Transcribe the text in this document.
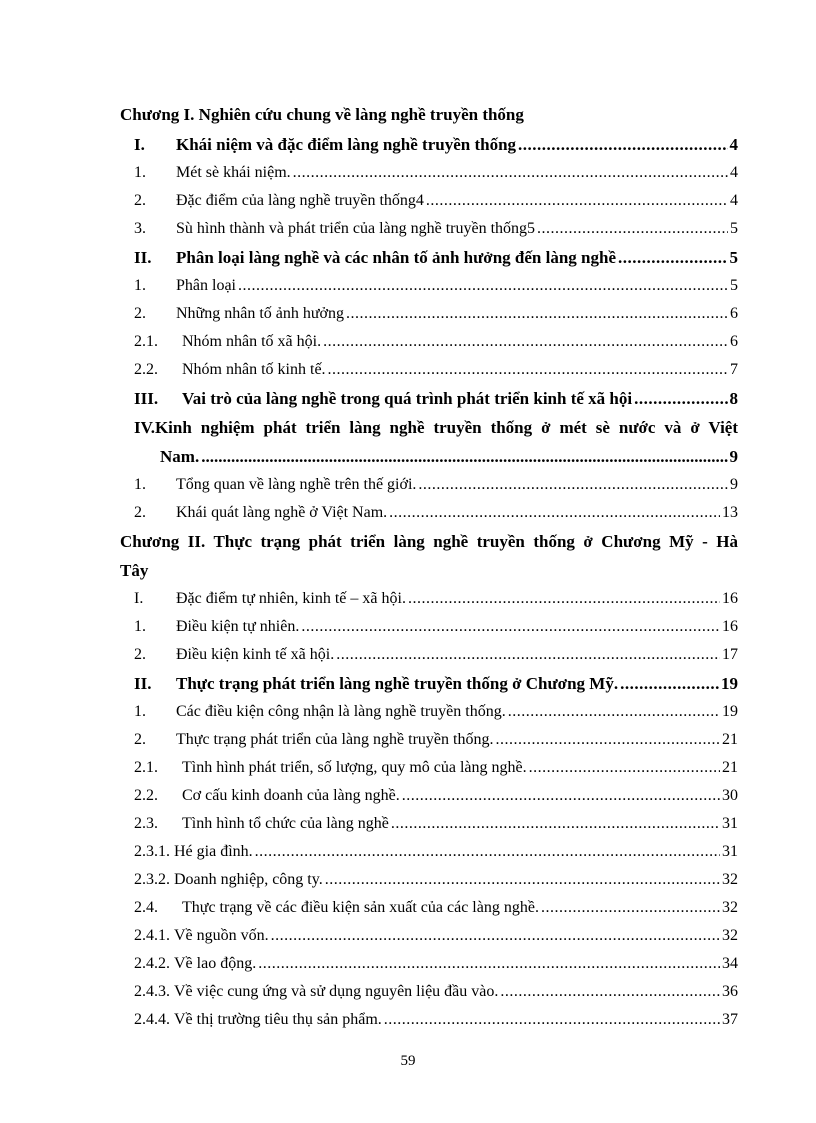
Chương I. Nghiên cứu chung về làng nghề truyền thống
I.	Khái niệm và đặc điểm làng nghề truyền thống .....	4
1.	Mét sè khái niệm. .....	4
2.	Đặc điểm của làng nghề truyền thống4 .....	4
3.	Sù hình thành và phát triển của làng nghề truyền thống5 .....	5
II.	Phân loại làng nghề và các nhân tố ảnh hưởng đến làng nghề .....	5
1.	Phân loại .....	5
2.	Những nhân tố ảnh hưởng .....	6
2.1.	Nhóm nhân tố xã hội. .....	6
2.2.	Nhóm nhân tố kinh tế. .....	7
III.	Vai trò của làng nghề trong quá trình phát triển kinh tế xã hội .....	8
IV.Kinh nghiệm phát triển làng nghề truyền thống ở mét sè nước và ở Việt
Nam. .....	9
1.	Tổng quan về làng nghề trên thế giới. .....	9
2.	Khái quát làng nghề ở Việt Nam. .....	13
Chương II. Thực trạng phát triển làng nghề truyền thống ở Chương Mỹ - Hà
Tây
I.	Đặc điểm tự nhiên, kinh tế – xã hội. .....	16
1.	Điều kiện tự nhiên. .....	16
2.	Điều kiện kinh tế xã hội. .....	17
II.	Thực trạng phát triển làng nghề truyền thống ở Chương Mỹ. .....	19
1.	Các điều kiện công nhận là làng nghề truyền thống. .....	19
2.	Thực trạng phát triển của làng nghề truyền thống. .....	21
2.1.	Tình hình phát triển, số lượng, quy mô của làng nghề. .....	21
2.2.	Cơ cấu kinh doanh của làng nghề. .....	30
2.3.	Tình hình tổ chức của làng nghề .....	31
2.3.1. Hé gia đình. .....	31
2.3.2. Doanh nghiệp, công ty. .....	32
2.4.	Thực trạng về các điều kiện sản xuất của các làng nghề. .....	32
2.4.1. Về nguồn vốn. .....	32
2.4.2. Về lao động. .....	34
2.4.3. Về việc cung ứng và sử dụng nguyên liệu đầu vào. .....	36
2.4.4. Về thị trường tiêu thụ sản phẩm. .....	37
59
